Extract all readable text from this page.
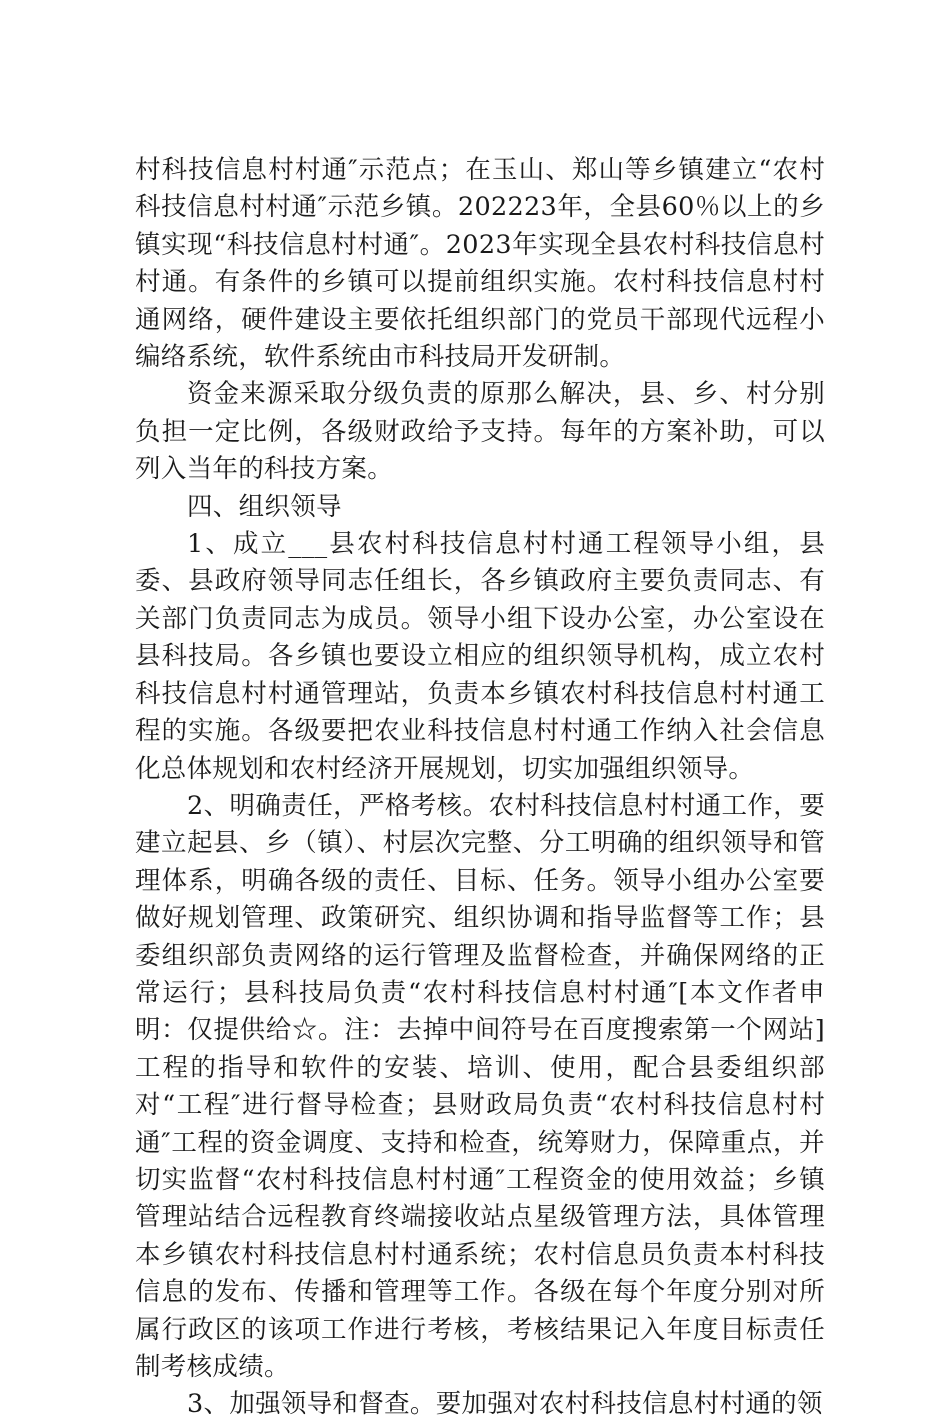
村科技信息村村通″示范点；在玉山、郑山等乡镇建立“农村科技信息村村通″示范乡镇。202223年，全县60％以上的乡镇实现“科技信息村村通″。2023年实现全县农村科技信息村村通。有条件的乡镇可以提前组织实施。农村科技信息村村通网络，硬件建设主要依托组织部门的党员干部现代远程小编络系统，软件系统由市科技局开发研制。

资金来源采取分级负责的原那么解决，县、乡、村分别负担一定比例，各级财政给予支持。每年的方案补助，可以列入当年的科技方案。

四、组织领导

1、成立___县农村科技信息村村通工程领导小组，县委、县政府领导同志任组长，各乡镇政府主要负责同志、有关部门负责同志为成员。领导小组下设办公室，办公室设在县科技局。各乡镇也要设立相应的组织领导机构，成立农村科技信息村村通管理站，负责本乡镇农村科技信息村村通工程的实施。各级要把农业科技信息村村通工作纳入社会信息化总体规划和农村经济开展规划，切实加强组织领导。

2、明确责任，严格考核。农村科技信息村村通工作，要建立起县、乡（镇）、村层次完整、分工明确的组织领导和管理体系，明确各级的责任、目标、任务。领导小组办公室要做好规划管理、政策研究、组织协调和指导监督等工作；县委组织部负责网络的运行管理及监督检查，并确保网络的正常运行；县科技局负责“农村科技信息村村通″[本文作者申明：仅提供给☆。注：去掉中间符号在百度搜索第一个网站]工程的指导和软件的安装、培训、使用，配合县委组织部对“工程″进行督导检查；县财政局负责“农村科技信息村村通″工程的资金调度、支持和检查，统筹财力，保障重点，并切实监督“农村科技信息村村通″工程资金的使用效益；乡镇管理站结合远程教育终端接收站点星级管理方法，具体管理本乡镇农村科技信息村村通系统；农村信息员负责本村科技信息的发布、传播和管理等工作。各级在每个年度分别对所属行政区的该项工作进行考核，考核结果记入年度目标责任制考核成绩。

3、加强领导和督查。要加强对农村科技信息村村通的领
